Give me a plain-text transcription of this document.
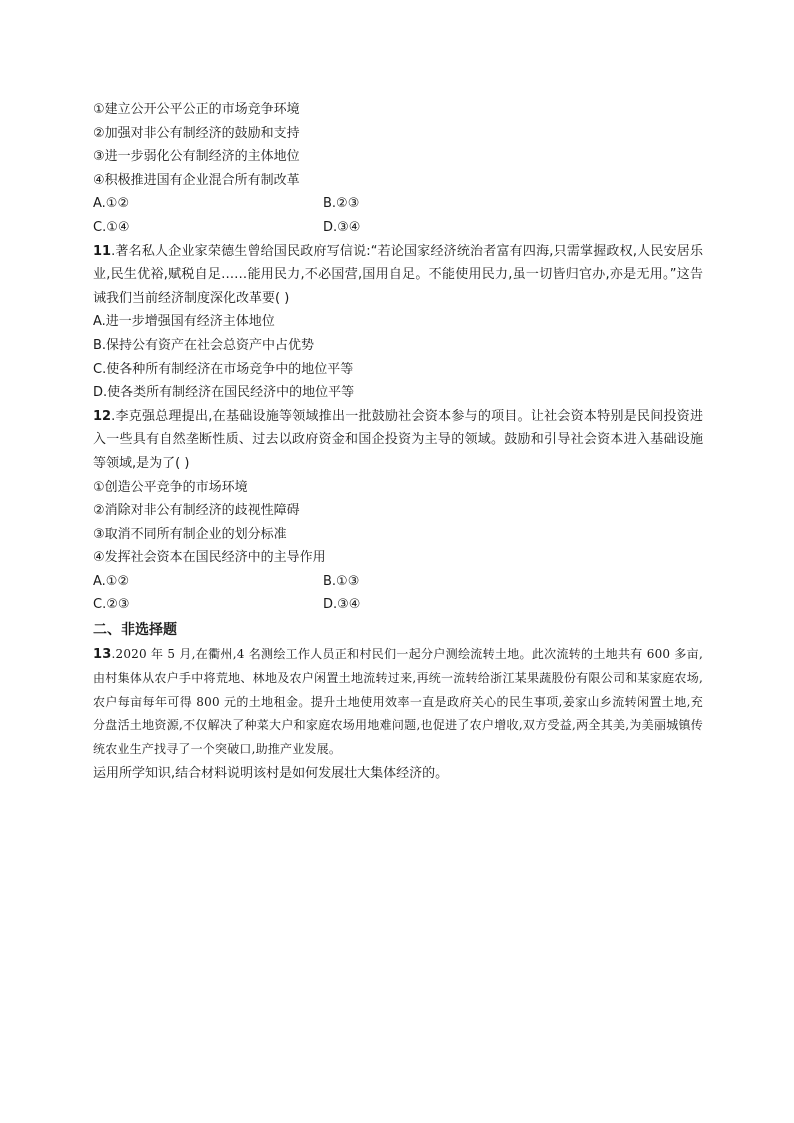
①建立公开公平公正的市场竞争环境
②加强对非公有制经济的鼓励和支持
③进一步弱化公有制经济的主体地位
④积极推进国有企业混合所有制改革
A.①②	B.②③
C.①④	D.③④
11.著名私人企业家荣德生曾给国民政府写信说:“若论国家经济统治者富有四海,只需掌握政权,人民安居乐业,民生优裕,赋税自足……能用民力,不必国营,国用自足。不能使用民力,虽一切皆归官办,亦是无用。”这告诫我们当前经济制度深化改革要( )
A.进一步增强国有经济主体地位
B.保持公有资产在社会总资产中占优势
C.使各种所有制经济在市场竞争中的地位平等
D.使各类所有制经济在国民经济中的地位平等
12.李克强总理提出,在基础设施等领域推出一批鼓励社会资本参与的项目。让社会资本特别是民间投资进入一些具有自然垄断性质、过去以政府资金和国企投资为主导的领域。鼓励和引导社会资本进入基础设施等领域,是为了( )
①创造公平竞争的市场环境
②消除对非公有制经济的歧视性障碍
③取消不同所有制企业的划分标准
④发挥社会资本在国民经济中的主导作用
A.①②	B.①③
C.②③	D.③④
二、非选择题
13.2020 年 5 月,在衢州,4 名测绘工作人员正和村民们一起分户测绘流转土地。此次流转的土地共有 600 多亩,由村集体从农户手中将荒地、林地及农户闲置土地流转过来,再统一流转给浙江某果蔬股份有限公司和某家庭农场,农户每亩每年可得 800 元的土地租金。提升土地使用效率一直是政府关心的民生事项,姜家山乡流转闲置土地,充分盘活土地资源,不仅解决了种菜大户和家庭农场用地难问题,也促进了农户增收,双方受益,两全其美,为美丽城镇传统农业生产找寻了一个突破口,助推产业发展。
运用所学知识,结合材料说明该村是如何发展壮大集体经济的。
